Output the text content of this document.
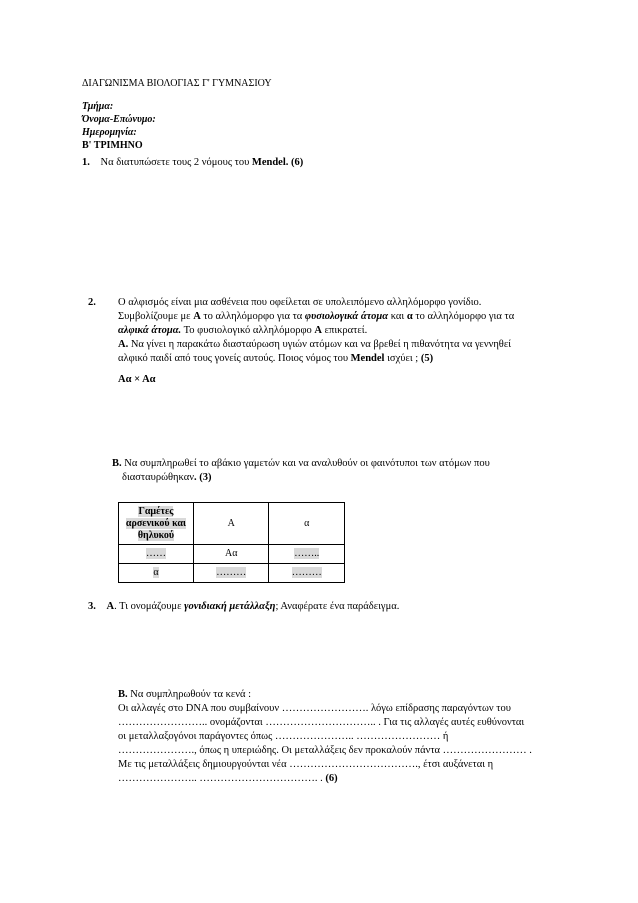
ΔΙΑΓΩΝΙΣΜΑ ΒΙΟΛΟΓΙΑΣ Γ' ΓΥΜΝΑΣΙΟΥ
Τμήμα:
Όνομα-Επώνυμο:
Ημερομηνία:
Β' ΤΡΙΜΗΝΟ
1. Να διατυπώσετε τους 2 νόμους του Mendel. (6)
2. Ο αλφισμός είναι μια ασθένεια που οφείλεται σε υπολειπόμενο αλληλόμορφο γονίδιο.
Συμβολίζουμε με Α το αλληλόμορφο για τα φυσιολογικά άτομα και α το αλληλόμορφο για τα
αλφικά άτομα. Το φυσιολογικό αλληλόμορφο Α επικρατεί.
Α. Να γίνει η παρακάτω διασταύρωση υγιών ατόμων και να βρεθεί η πιθανότητα να γεννηθεί
αλφικό παιδί από τους γονείς αυτούς. Ποιος νόμος του Mendel ισχύει ; (5)
Αα × Αα
Β. Να συμπληρωθεί το αβάκιο γαμετών και να αναλυθούν οι φαινότυποι των ατόμων που
διασταυρώθηκαν. (3)
Γαμέτες
αρσενικού και
θηλυκού	Α	α
……	Αα	……..
α	………	………
3. Α. Τι ονομάζουμε γονιδιακή μετάλλαξη; Αναφέρατε ένα παράδειγμα.
Β. Να συμπληρωθούν τα κενά :
Οι αλλαγές στο DNA που συμβαίνουν ……………………. λόγω επίδρασης παραγόντων του
…………………….. ονομάζονται ………………………….. . Για τις αλλαγές αυτές ευθύνονται
οι μεταλλαξογόνοι παράγοντες όπως ………………….. …………………… ή
…………………., όπως η υπεριώδης. Οι μεταλλάξεις δεν προκαλούν πάντα …………………… .
Με τις μεταλλάξεις δημιουργούνται νέα ………………………………., έτσι αυξάνεται η
………………….. ……………………………. . (6)
